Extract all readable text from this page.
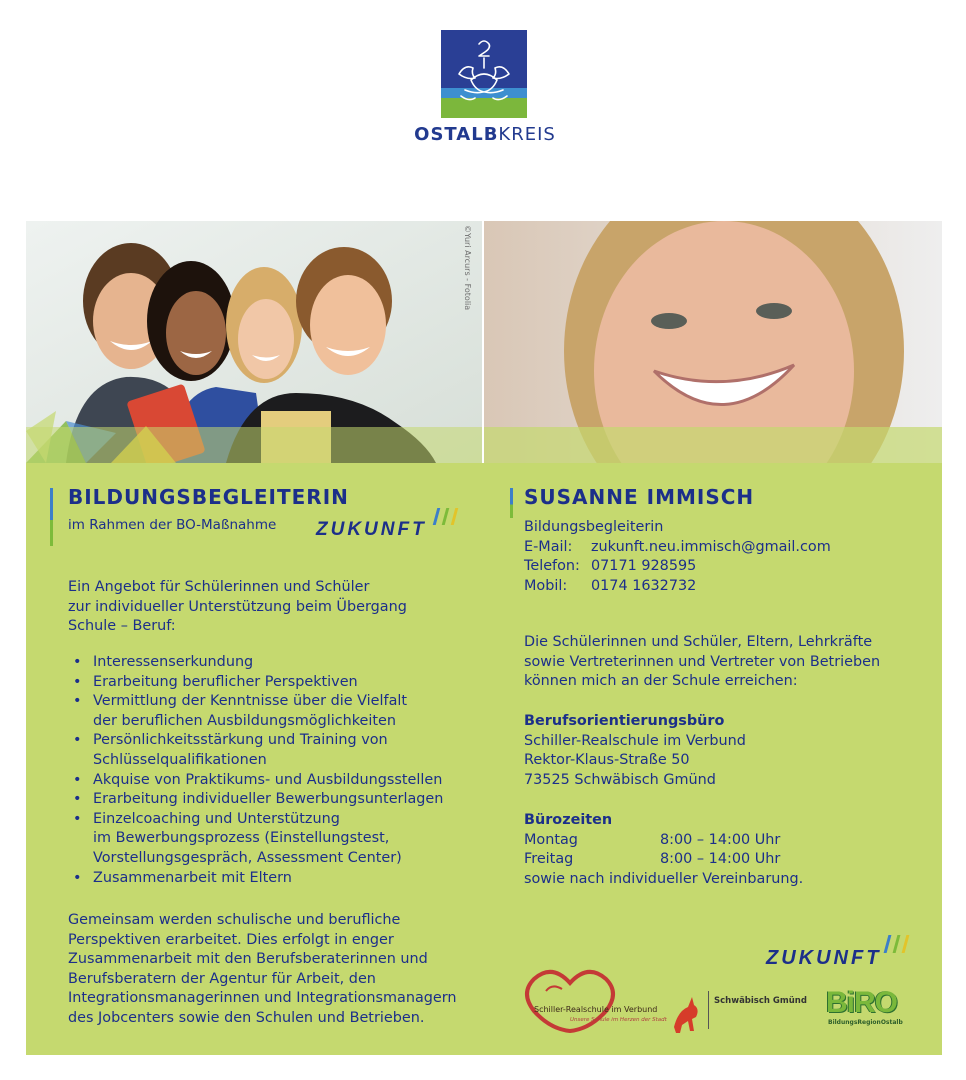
OSTALBKREIS
©Yuri Arcurs - Fotolia
BILDUNGSBEGLEITERIN
im Rahmen der BO-Maßnahme ZUKUNFT
Ein Angebot für Schülerinnen und Schüler
zur individueller Unterstützung beim Übergang
Schule – Beruf:
• Interessenserkundung
• Erarbeitung beruflicher Perspektiven
• Vermittlung der Kenntnisse über die Vielfalt
der beruflichen Ausbildungsmöglichkeiten
• Persönlichkeitsstärkung und Training von
Schlüsselqualifikationen
• Akquise von Praktikums- und Ausbildungsstellen
• Erarbeitung individueller Bewerbungsunterlagen
• Einzelcoaching und Unterstützung
im Bewerbungsprozess (Einstellungstest,
Vorstellungsgespräch, Assessment Center)
• Zusammenarbeit mit Eltern
Gemeinsam werden schulische und berufliche
Perspektiven erarbeitet. Dies erfolgt in enger
Zusammenarbeit mit den Berufsberaterinnen und
Berufsberatern der Agentur für Arbeit, den
Integrationsmanagerinnen und Integrationsmanagern
des Jobcenters sowie den Schulen und Betrieben.
SUSANNE IMMISCH
Bildungsbegleiterin
E-Mail:	zukunft.neu.immisch@gmail.com
Telefon: 07171 928595
Mobil:	0174 1632732
Die Schülerinnen und Schüler, Eltern, Lehrkräfte
sowie Vertreterinnen und Vertreter von Betrieben
können mich an der Schule erreichen:
Berufsorientierungsbüro
Schiller-Realschule im Verbund
Rektor-Klaus-Straße 50
73525 Schwäbisch Gmünd
Bürozeiten
Montag	8:00 – 14:00 Uhr
Freitag	8:00 – 14:00 Uhr
sowie nach individueller Vereinbarung.
ZUKUNFT
Schiller-Realschule im Verbund
Unsere Schule im Herzen der Stadt
Schwäbisch Gmünd BiRO
BildungsRegionOstalb
